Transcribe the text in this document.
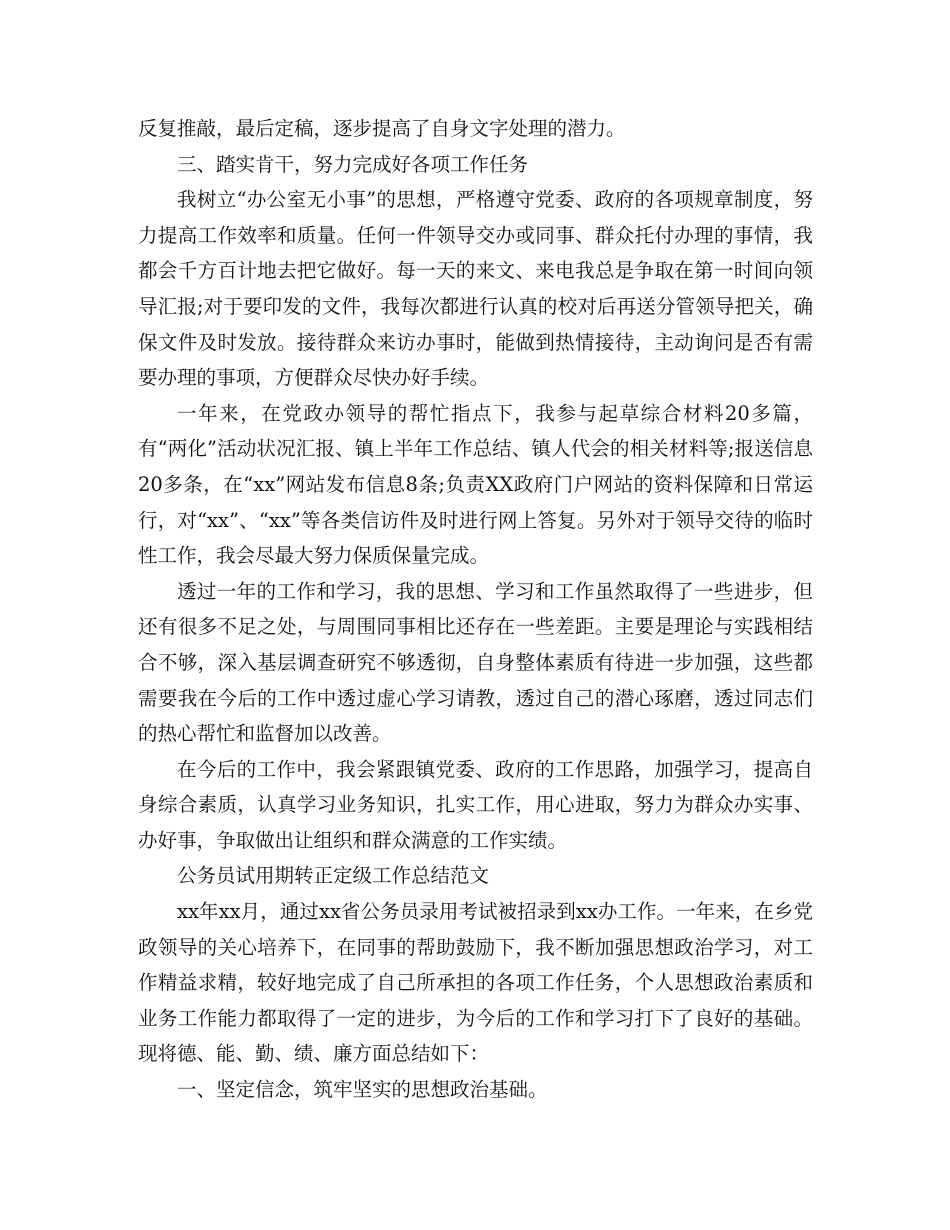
反复推敲，最后定稿，逐步提高了自身文字处理的潜力。

三、踏实肯干，努力完成好各项工作任务

我树立“办公室无小事”的思想，严格遵守党委、政府的各项规章制度，努力提高工作效率和质量。任何一件领导交办或同事、群众托付办理的事情，我都会千方百计地去把它做好。每一天的来文、来电我总是争取在第一时间向领导汇报;对于要印发的文件，我每次都进行认真的校对后再送分管领导把关，确保文件及时发放。接待群众来访办事时，能做到热情接待，主动询问是否有需要办理的事项，方便群众尽快办好手续。

一年来，在党政办领导的帮忙指点下，我参与起草综合材料20多篇，有“两化”活动状况汇报、镇上半年工作总结、镇人代会的相关材料等;报送信息20多条，在“xx”网站发布信息8条;负责XX政府门户网站的资料保障和日常运行，对“xx”、“xx”等各类信访件及时进行网上答复。另外对于领导交待的临时性工作，我会尽最大努力保质保量完成。

透过一年的工作和学习，我的思想、学习和工作虽然取得了一些进步，但还有很多不足之处，与周围同事相比还存在一些差距。主要是理论与实践相结合不够，深入基层调查研究不够透彻，自身整体素质有待进一步加强，这些都需要我在今后的工作中透过虚心学习请教，透过自己的潜心琢磨，透过同志们的热心帮忙和监督加以改善。

在今后的工作中，我会紧跟镇党委、政府的工作思路，加强学习，提高自身综合素质，认真学习业务知识，扎实工作，用心进取，努力为群众办实事、办好事，争取做出让组织和群众满意的工作实绩。

公务员试用期转正定级工作总结范文

xx年xx月，通过xx省公务员录用考试被招录到xx办工作。一年来，在乡党政领导的关心培养下，在同事的帮助鼓励下，我不断加强思想政治学习，对工作精益求精，较好地完成了自己所承担的各项工作任务，个人思想政治素质和业务工作能力都取得了一定的进步，为今后的工作和学习打下了良好的基础。现将德、能、勤、绩、廉方面总结如下：

一、坚定信念，筑牢坚实的思想政治基础。
